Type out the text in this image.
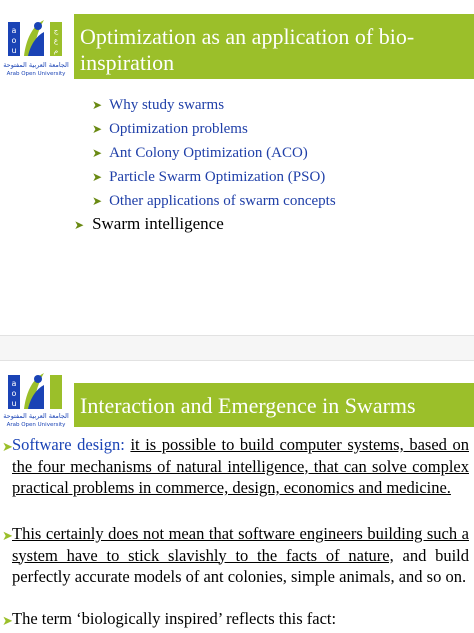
a
o
u
ج
ع
م
الجامعة العربية المفتوحة
Arab Open University
Optimization as an application of bio-inspiration
➤ Why study swarms
➤ Optimization problems
➤ Ant Colony Optimization (ACO)
➤ Particle Swarm Optimization (PSO)
➤ Other applications of swarm concepts
➤ Swarm intelligence
a
o
u
الجامعة العربية المفتوحة
Arab Open University
Interaction and Emergence in Swarms
➤ Software design: it is possible to build computer systems, based on the four mechanisms of natural intelligence, that can solve complex practical problems in commerce, design, economics and medicine.
➤ This certainly does not mean that software engineers building such a system have to stick slavishly to the facts of nature, and build perfectly accurate models of ant colonies, simple animals, and so on.
➤ The term ‘biologically inspired’ reflects this fact:
